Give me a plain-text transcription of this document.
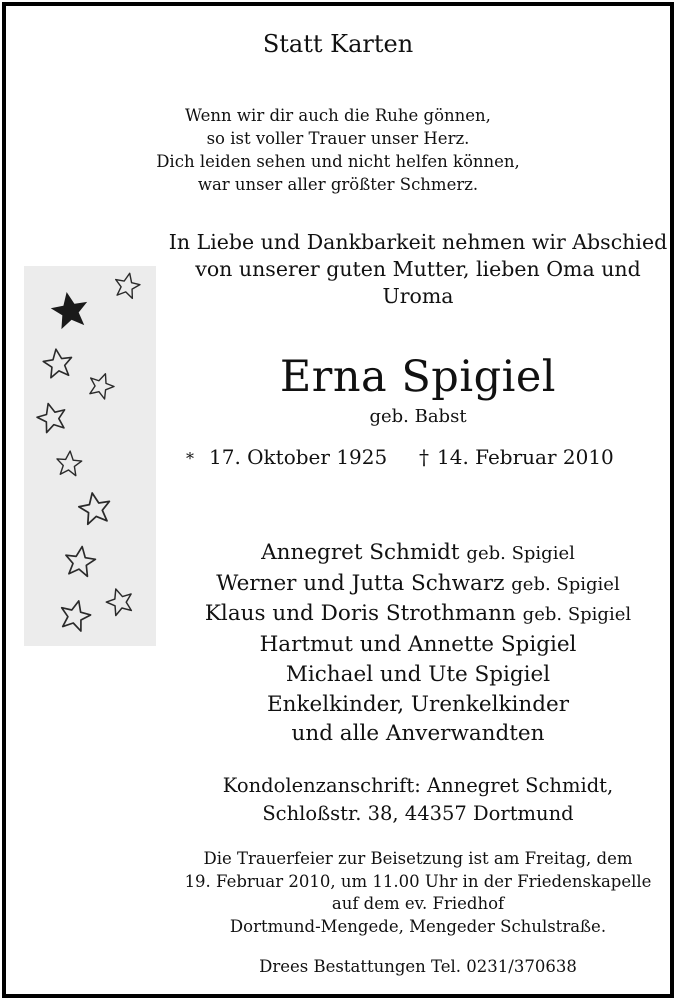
Statt Karten
Wenn wir dir auch die Ruhe gönnen,
so ist voller Trauer unser Herz.
Dich leiden sehen und nicht helfen können,
war unser aller größter Schmerz.
In Liebe und Dankbarkeit nehmen wir Abschied
von unserer guten Mutter, lieben Oma und
Uroma
Erna Spigiel
geb. Babst
* 17. Oktober 1925 † 14. Februar 2010
Annegret Schmidt geb. Spigiel
Werner und Jutta Schwarz geb. Spigiel
Klaus und Doris Strothmann geb. Spigiel
Hartmut und Annette Spigiel
Michael und Ute Spigiel
Enkelkinder, Urenkelkinder
und alle Anverwandten
Kondolenzanschrift: Annegret Schmidt,
Schloßstr. 38, 44357 Dortmund
Die Trauerfeier zur Beisetzung ist am Freitag, dem
19. Februar 2010, um 11.00 Uhr in der Friedenskapelle
auf dem ev. Friedhof
Dortmund-Mengede, Mengeder Schulstraße.
Drees Bestattungen Tel. 0231/370638
